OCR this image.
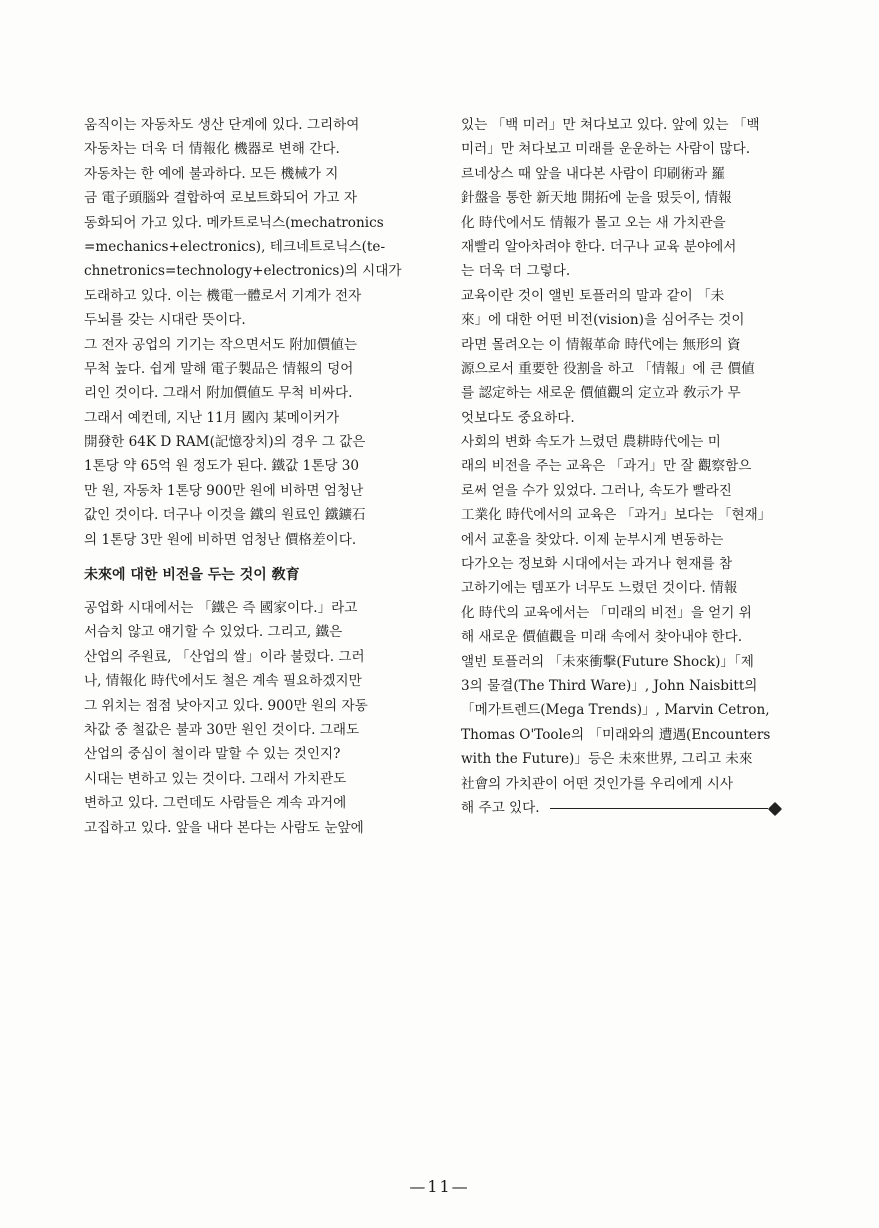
움직이는 자동차도 생산 단계에 있다. 그리하여
자동차는 더욱 더 情報化 機器로 변해 간다.
자동차는 한 예에 불과하다. 모든 機械가 지
금 電子頭腦와 결합하여 로보트화되어 가고 자
동화되어 가고 있다. 메카트로닉스(mechatronics
=mechanics+electronics), 테크네트로닉스(te-
chnetronics=technology+electronics)의 시대가
도래하고 있다. 이는 機電一體로서 기계가 전자
두뇌를 갖는 시대란 뜻이다.
그 전자 공업의 기기는 작으면서도 附加價値는
무척 높다. 쉽게 말해 電子製品은 情報의 덩어
리인 것이다. 그래서 附加價値도 무척 비싸다.
그래서 예컨데, 지난 11月 國內 某메이커가
開發한 64K D RAM(記憶장치)의 경우 그 값은
1톤당 약 65억 원 정도가 된다. 鐵값 1톤당 30
만 원, 자동차 1톤당 900만 원에 비하면 엄청난
값인 것이다. 더구나 이것을 鐵의 원료인 鐵鑛石
의 1톤당 3만 원에 비하면 엄청난 價格差이다.
未來에 대한 비전을 두는 것이 敎育
공업화 시대에서는 「鐵은 즉 國家이다.」라고
서슴치 않고 얘기할 수 있었다. 그리고, 鐵은
산업의 주원료, 「산업의 쌀」이라 불렀다. 그러
나, 情報化 時代에서도 철은 계속 필요하겠지만
그 위치는 점점 낮아지고 있다. 900만 원의 자동
차값 중 철값은 불과 30만 원인 것이다. 그래도
산업의 중심이 철이라 말할 수 있는 것인지?
시대는 변하고 있는 것이다. 그래서 가치관도
변하고 있다. 그런데도 사람들은 계속 과거에
고집하고 있다. 앞을 내다 본다는 사람도 눈앞에
있는 「백 미러」만 쳐다보고 있다. 앞에 있는 「백
미러」만 쳐다보고 미래를 운운하는 사람이 많다.
르네상스 때 앞을 내다본 사람이 印刷術과 羅
針盤을 통한 新天地 開拓에 눈을 떴듯이, 情報
化 時代에서도 情報가 몰고 오는 새 가치관을
재빨리 알아차려야 한다. 더구나 교육 분야에서
는 더욱 더 그렇다.
교육이란 것이 앨빈 토플러의 말과 같이 「未
來」에 대한 어떤 비전(vision)을 심어주는 것이
라면 몰려오는 이 情報革命 時代에는 無形의 資
源으로서 重要한 役割을 하고 「情報」에 큰 價値
를 認定하는 새로운 價値觀의 定立과 敎示가 무
엇보다도 중요하다.
사회의 변화 속도가 느렸던 農耕時代에는 미
래의 비전을 주는 교육은 「과거」만 잘 觀察함으
로써 얻을 수가 있었다. 그러나, 속도가 빨라진
工業化 時代에서의 교육은 「과거」보다는 「현재」
에서 교훈을 찾았다. 이제 눈부시게 변동하는
다가오는 정보화 시대에서는 과거나 현재를 참
고하기에는 템포가 너무도 느렸던 것이다. 情報
化 時代의 교육에서는 「미래의 비전」을 얻기 위
해 새로운 價値觀을 미래 속에서 찾아내야 한다.
앨빈 토플러의 「未來衝擊(Future Shock)」「제
3의 물결(The Third Ware)」, John Naisbitt의
「메가트렌드(Mega Trends)」, Marvin Cetron,
Thomas O'Toole의 「미래와의 遭遇(Encounters
with the Future)」등은 未來世界, 그리고 未來
社會의 가치관이 어떤 것인가를 우리에게 시사
해 주고 있다.
—11—
